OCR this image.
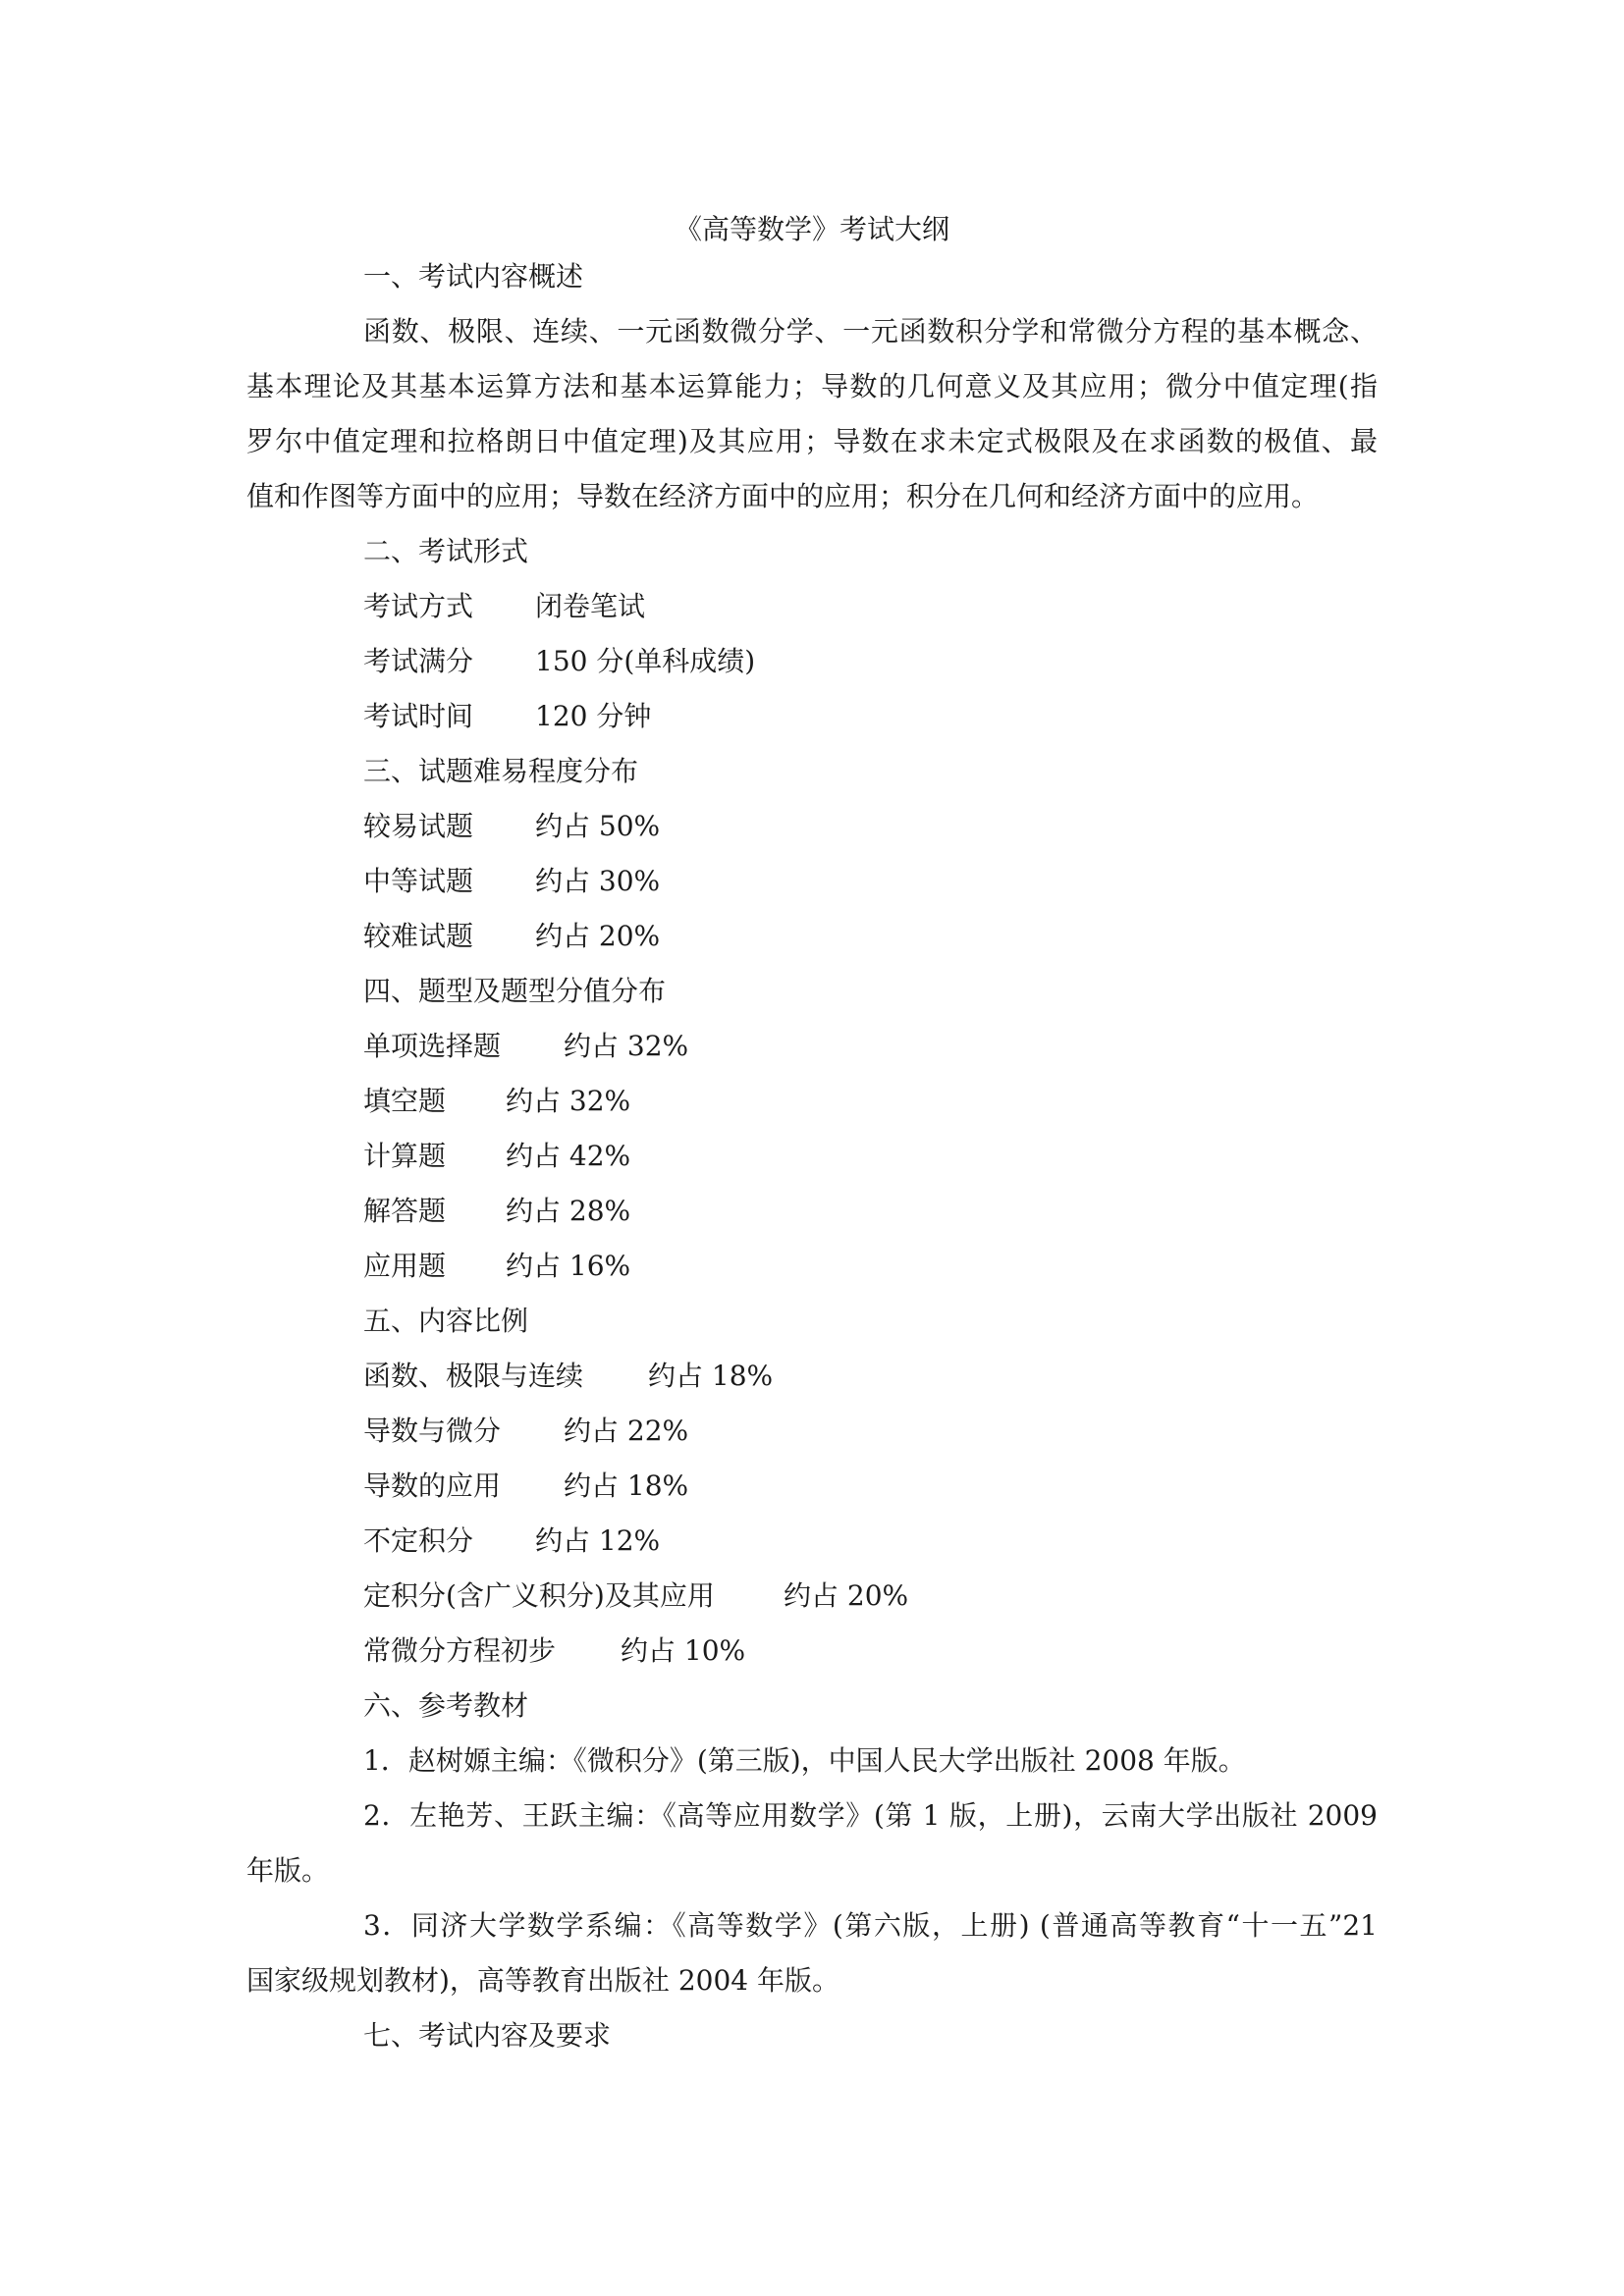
《高等数学》考试大纲
一、考试内容概述
函数、极限、连续、一元函数微分学、一元函数积分学和常微分方程的基本概念、
基本理论及其基本运算方法和基本运算能力；导数的几何意义及其应用；微分中值定理(指
罗尔中值定理和拉格朗日中值定理)及其应用；导数在求未定式极限及在求函数的极值、最
值和作图等方面中的应用；导数在经济方面中的应用；积分在几何和经济方面中的应用。
二、考试形式
考试方式 闭卷笔试
考试满分 150 分(单科成绩)
考试时间 120 分钟
三、试题难易程度分布
较易试题 约占 50%
中等试题 约占 30%
较难试题 约占 20%
四、题型及题型分值分布
单项选择题 约占 32%
填空题 约占 32%
计算题 约占 42%
解答题 约占 28%
应用题 约占 16%
五、内容比例
函数、极限与连续 约占 18%
导数与微分 约占 22%
导数的应用 约占 18%
不定积分 约占 12%
定积分(含广义积分)及其应用	约占 20%
常微分方程初步 约占 10%
六、参考教材
1．赵树嫄主编：《微积分》(第三版)，中国人民大学出版社 2008 年版。
2．左艳芳、王跃主编：《高等应用数学》(第 1 版，上册)，云南大学出版社 2009
年版。
3．同济大学数学系编：《高等数学》(第六版，上册) (普通高等教育“十一五”21
国家级规划教材)，高等教育出版社 2004 年版。
七、考试内容及要求
